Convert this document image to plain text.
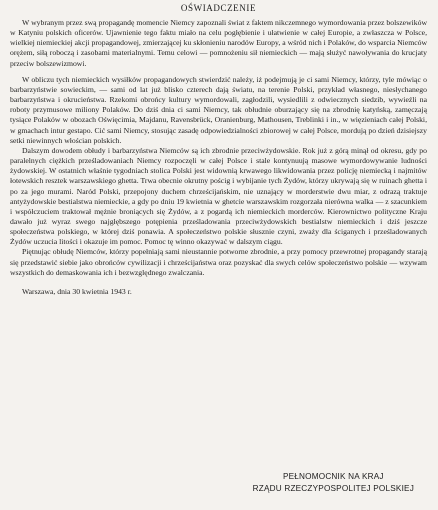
OŚWIADCZENIE

W wybranym przez swą propagandę momencie Niemcy zapoznali świat z faktem nikczemnego wymordowania przez bolszewików w Katyniu polskich oficerów. Ujawnienie tego faktu miało na celu pogłębienie i ułatwienie w całej Europie, a zwłaszcza w Polsce, wielkiej niemieckiej akcji propagandowej, zmierzającej ku skłonieniu narodów Europy, a wśród nich i Polaków, do wsparcia Niemców orężem, siłą roboczą i zasobami materialnymi. Temu celowi — pomnożeniu sił niemieckich — mają służyć nawoływania do krucjaty przeciw bolszewizmowi.

W obliczu tych niemieckich wysiłków propagandowych stwierdzić należy, iż podejmują je ci sami Niemcy, którzy, tyle mówiąc o barbarzyństwie sowieckim, — sami od lat już blisko czterech dają światu, na terenie Polski, przykład własnego, niesłychanego barbarzyństwa i okrucieństwa. Rzekomi obrońcy kultury wymordowali, zagłodzili, wysiedlili z odwiecznych siedzib, wywieźli na roboty przymusowe miliony Polaków. Do dziś dnia ci sami Niemcy, tak obłudnie oburzający się na zbrodnię katyńską, zamęczają tysiące Polaków w obozach Oświęcimia, Majdanu, Ravensbrück, Oranienburg, Mathousen, Treblinki i in., w więzieniach całej Polski, w gmachach intur gestapo. Cić sami Niemcy, stosując zasadę odpowiedzialności zbiorowej w całej Polsce, mordują po dzień dzisiejszy setki niewinnych włościan polskich.

Dalszym dowodem obłudy i barbarzyństwa Niemców są ich zbrodnie przeciwżydowskie. Rok już z górą minął od okresu, gdy po paralelnych ciężkich prześladowaniach Niemcy rozpoczęli w całej Polsce i stale kontynuują masowe wymordowywanie ludności żydowskiej. W ostatnich właśnie tygodniach stolica Polski jest widownią krwawego likwidowania przez policję niemiecką i najmitów łotewskich resztek warszawskiego ghetta. Trwa obecnie okrutny pościg i wybijanie tych Żydów, którzy ukrywają się w ruinach ghetta i po za jego murami. Naród Polski, przepojony duchem chrześcijańskim, nie uznający w morderstwie dwu miar, z odrazą traktuje antyżydowskie bestialstwa niemieckie, a gdy po dniu 19 kwietnia w ghetcie warszawskim rozgorzała nierówna walka — z szacunkiem i współczuciem traktował mężnie broniących się Żydów, a z pogardą ich niemieckich morderców. Kierownictwo polityczne Kraju dawało już wyraz swego najgłębszego potępienia prześladowania przeciwżydowskich bestialstw niemieckich i dziś jeszcze społeczeństwa polskiego, w której dziś ponawia. A społeczeństwo polskie słusznie czyni, zważy dla ściganych i prześladowanych Żydów uczucia litości i okazuje im pomoc. Pomoc tę winno okazywać w dalszym ciągu.

Piętnując obłudę Niemców, którzy popełniają sami nieustannie potworne zbrodnie, a przy pomocy przewrotnej propagandy starają się przedstawić siebie jako obrońców cywilizacji i chrześcijaństwa oraz pozyskać dla swych celów społeczeństwo polskie — wzywam wszystkich do demaskowania ich i bezwzględnego zwalczania.

Warszawa, dnia 30 kwietnia 1943 r.
PEŁNOMOCNIK NA KRAJ
RZĄDU RZECZYPOSPOLITEJ POLSKIEJ
